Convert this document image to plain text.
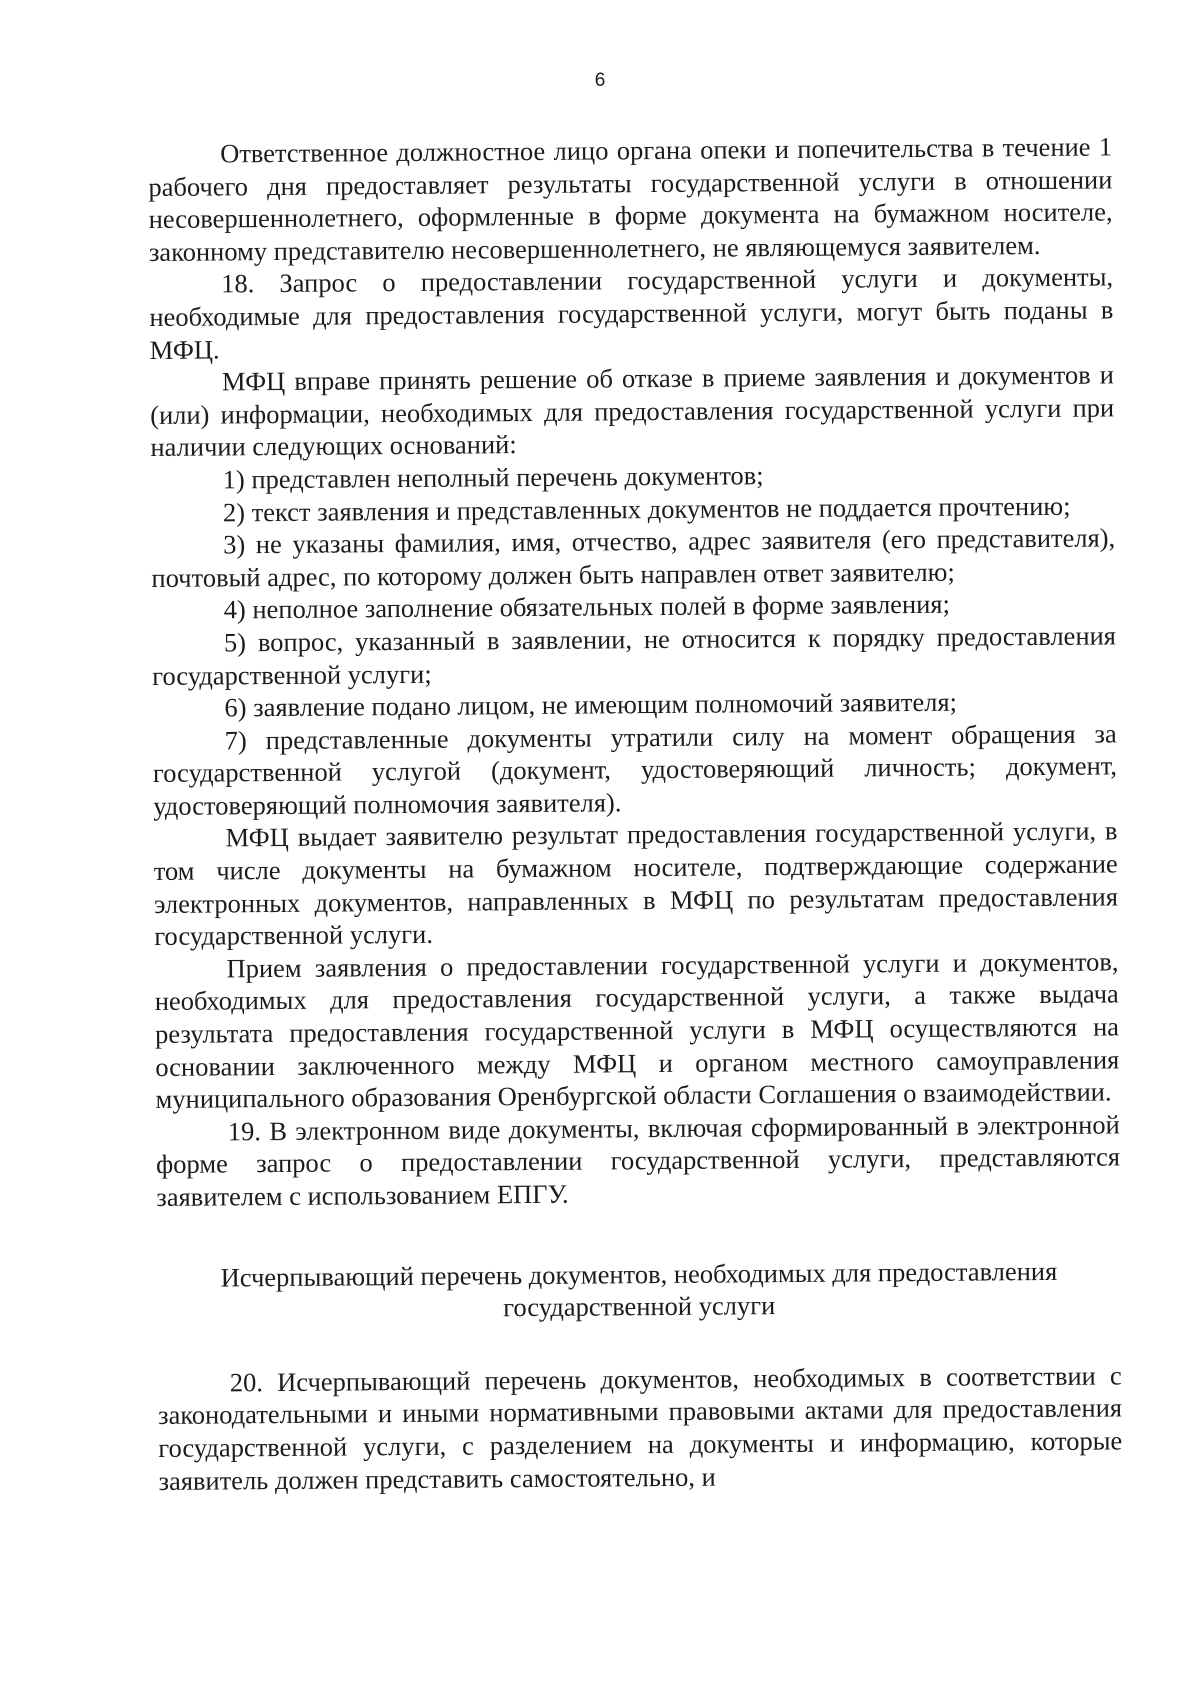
6

Ответственное должностное лицо органа опеки и попечительства в течение 1 рабочего дня предоставляет результаты государственной услуги в отношении несовершеннолетнего, оформленные в форме документа на бумажном носителе, законному представителю несовершеннолетнего, не являющемуся заявителем.

18. Запрос о предоставлении государственной услуги и документы, необходимые для предоставления государственной услуги, могут быть поданы в МФЦ.

МФЦ вправе принять решение об отказе в приеме заявления и документов и (или) информации, необходимых для предоставления государственной услуги при наличии следующих оснований:

1) представлен неполный перечень документов;

2) текст заявления и представленных документов не поддается прочтению;

3) не указаны фамилия, имя, отчество, адрес заявителя (его представителя), почтовый адрес, по которому должен быть направлен ответ заявителю;

4) неполное заполнение обязательных полей в форме заявления;

5) вопрос, указанный в заявлении, не относится к порядку предоставления государственной услуги;

6) заявление подано лицом, не имеющим полномочий заявителя;

7) представленные документы утратили силу на момент обращения за государственной услугой (документ, удостоверяющий личность; документ, удостоверяющий полномочия заявителя).

МФЦ выдает заявителю результат предоставления государственной услуги, в том числе документы на бумажном носителе, подтверждающие содержание электронных документов, направленных в МФЦ по результатам предоставления государственной услуги.

Прием заявления о предоставлении государственной услуги и документов, необходимых для предоставления государственной услуги, а также выдача результата предоставления государственной услуги в МФЦ осуществляются на основании заключенного между МФЦ и органом местного самоуправления муниципального образования Оренбургской области Соглашения о взаимодействии.

19. В электронном виде документы, включая сформированный в электронной форме запрос о предоставлении государственной услуги, представляются заявителем с использованием ЕПГУ.

Исчерпывающий перечень документов, необходимых для предоставления
государственной услуги

20. Исчерпывающий перечень документов, необходимых в соответствии с законодательными и иными нормативными правовыми актами для предоставления государственной услуги, с разделением на документы и информацию, которые заявитель должен представить самостоятельно, и
